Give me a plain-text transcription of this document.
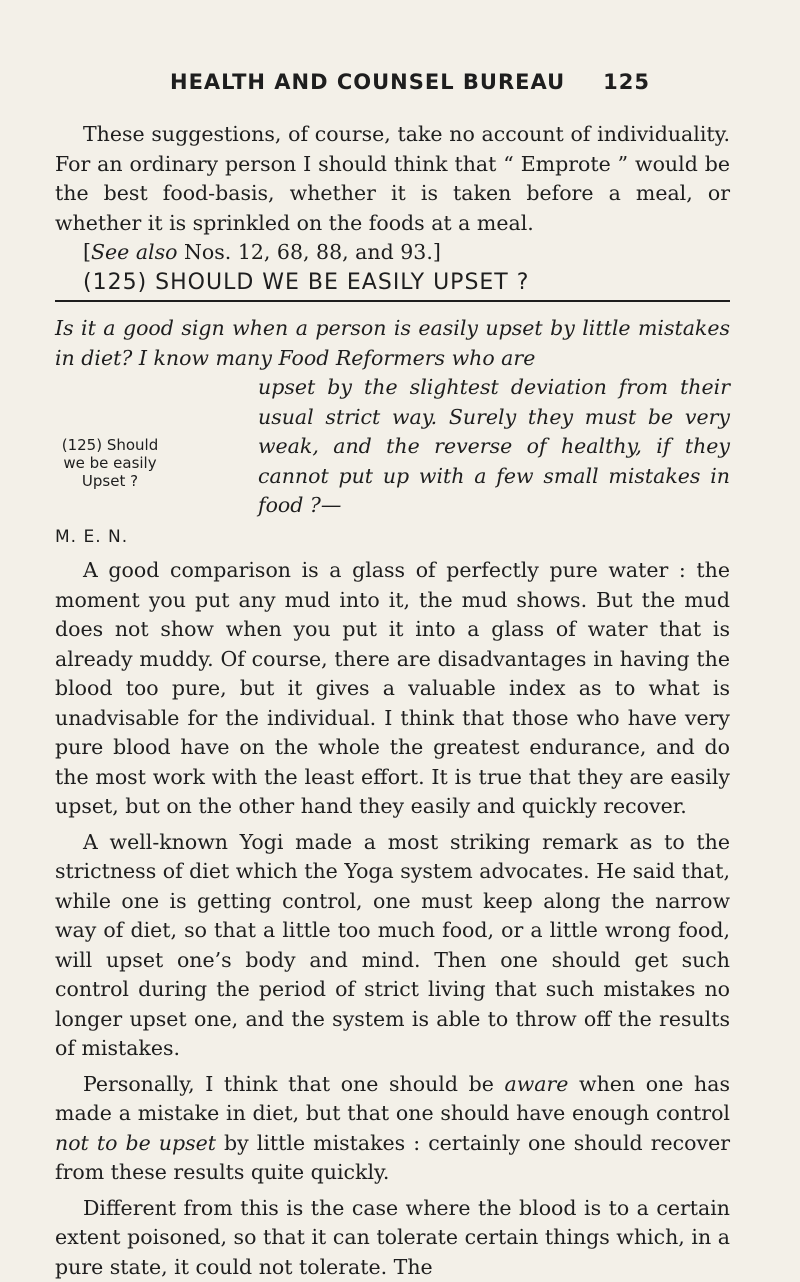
HEALTH AND COUNSEL BUREAU 125

These suggestions, of course, take no account of individuality. For an ordinary person I should think that “ Emprote ” would be the best food-basis, whether it is taken before a meal, or whether it is sprinkled on the foods at a meal.

[See also Nos. 12, 68, 88, and 93.]

(125) SHOULD WE BE EASILY UPSET ?

Is it a good sign when a person is easily upset by little mistakes in diet? I know many Food Reformers who are
upset by the slightest deviation from their usual strict way. Surely they must be very weak, and the reverse of healthy, if they cannot put up with a few small mistakes in food ?—
(125) Should
we be easily
Upset ?
M. E. N.

A good comparison is a glass of perfectly pure water : the moment you put any mud into it, the mud shows. But the mud does not show when you put it into a glass of water that is already muddy. Of course, there are disadvantages in having the blood too pure, but it gives a valuable index as to what is unadvisable for the individual. I think that those who have very pure blood have on the whole the greatest endurance, and do the most work with the least effort. It is true that they are easily upset, but on the other hand they easily and quickly recover.

A well-known Yogi made a most striking remark as to the strictness of diet which the Yoga system advocates. He said that, while one is getting control, one must keep along the narrow way of diet, so that a little too much food, or a little wrong food, will upset one’s body and mind. Then one should get such control during the period of strict living that such mistakes no longer upset one, and the system is able to throw off the results of mistakes.

Personally, I think that one should be aware when one has made a mistake in diet, but that one should have enough control not to be upset by little mistakes : certainly one should recover from these results quite quickly.

Different from this is the case where the blood is to a certain extent poisoned, so that it can tolerate certain things which, in a pure state, it could not tolerate. The
